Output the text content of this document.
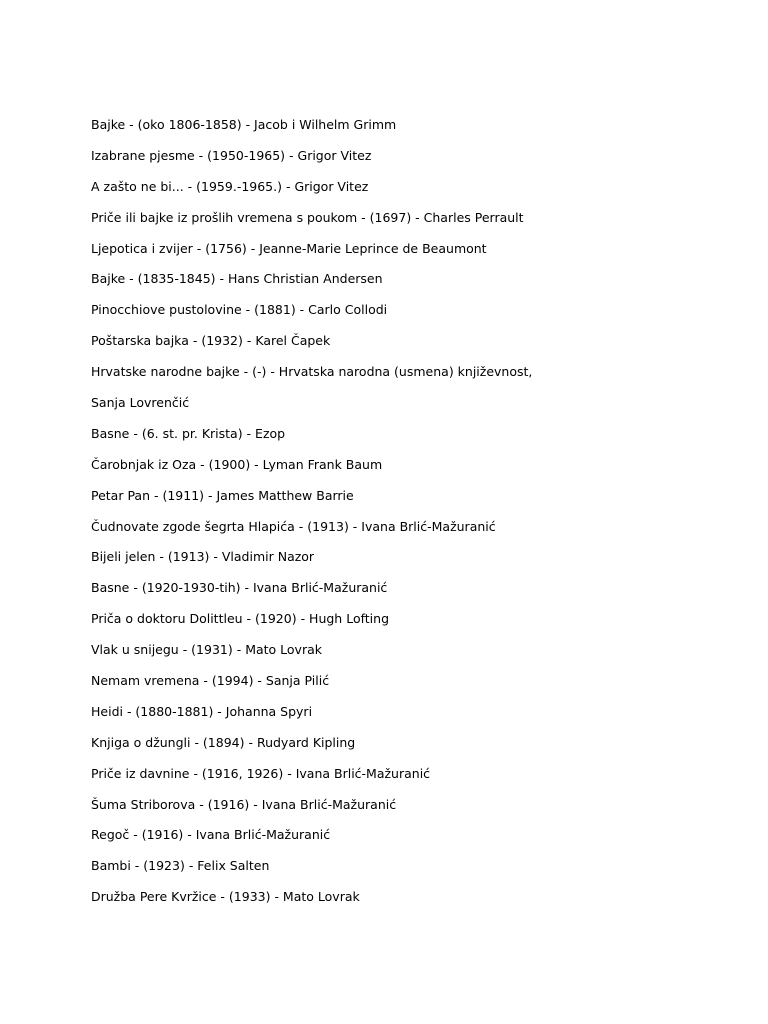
Bajke - (oko 1806-1858) - Jacob i Wilhelm Grimm
Izabrane pjesme - (1950-1965) - Grigor Vitez
A zašto ne bi... - (1959.-1965.) - Grigor Vitez
Priče ili bajke iz prošlih vremena s poukom - (1697) - Charles Perrault
Ljepotica i zvijer - (1756) - Jeanne-Marie Leprince de Beaumont
Bajke - (1835-1845) - Hans Christian Andersen
Pinocchiove pustolovine - (1881) - Carlo Collodi
Poštarska bajka - (1932) - Karel Čapek
Hrvatske narodne bajke - (-) - Hrvatska narodna (usmena) književnost,
Sanja Lovrenčić
Basne - (6. st. pr. Krista) - Ezop
Čarobnjak iz Oza - (1900) - Lyman Frank Baum
Petar Pan - (1911) - James Matthew Barrie
Čudnovate zgode šegrta Hlapića - (1913) - Ivana Brlić-Mažuranić
Bijeli jelen - (1913) - Vladimir Nazor
Basne - (1920-1930-tih) - Ivana Brlić-Mažuranić
Priča o doktoru Dolittleu - (1920) - Hugh Lofting
Vlak u snijegu - (1931) - Mato Lovrak
Nemam vremena - (1994) - Sanja Pilić
Heidi - (1880-1881) - Johanna Spyri
Knjiga o džungli - (1894) - Rudyard Kipling
Priče iz davnine - (1916, 1926) - Ivana Brlić-Mažuranić
Šuma Striborova - (1916) - Ivana Brlić-Mažuranić
Regoč - (1916) - Ivana Brlić-Mažuranić
Bambi - (1923) - Felix Salten
Družba Pere Kvržice - (1933) - Mato Lovrak
